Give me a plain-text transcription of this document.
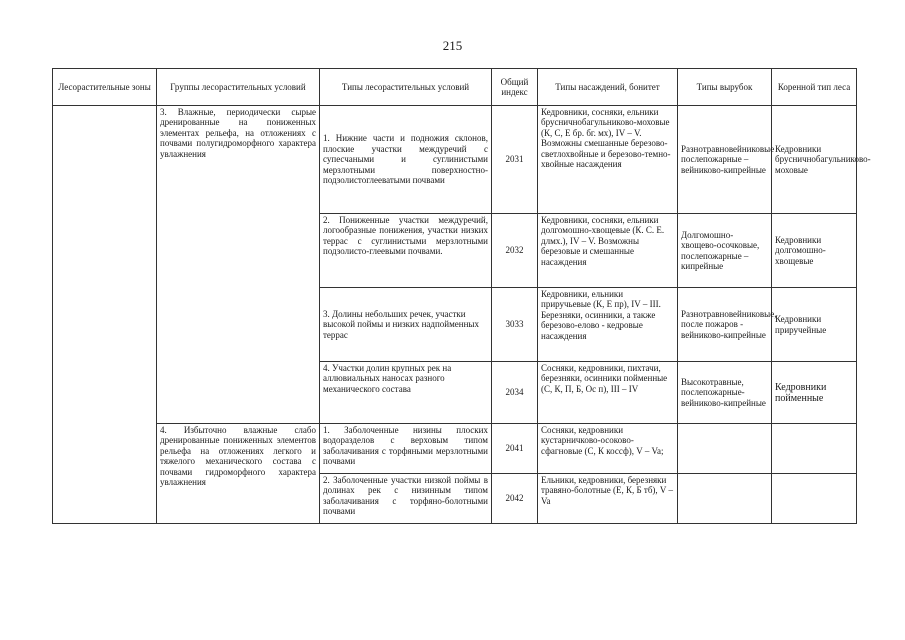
215
Лесорастительные зоны	Группы лесорастительных условий	Типы лесорастительных условий	Общий индекс	Типы насаждений, бонитет	Типы вырубок	Коренной тип леса
	3. Влажные, периодически сырые дренированные на пониженных элементах рельефа, на отложениях с почвами полугидроморфного характера увлажнения	1. Нижние части и подножия склонов, плоские участки междуречий с супесчаными и суглинистыми мерзлотными поверхностно-подзолистоглееватыми почвами	2031	Кедровники, сосняки, ельники брусничнобагульниково-моховые (К, С, Е бр. бг. мх), IV – V. Возможны смешанные березово-светлохвойные и березово-темно-хвойные насаждения	Разнотравновейниковые послепожарные – вейниково-кипрейные	Кедровники брусничнобагульниково-моховые
		2. Пониженные участки междуречий, логообразные понижения, участки низких террас с суглинистыми мерзлотными подзолисто-глеевыми почвами.	2032	Кедровники, сосняки, ельники долгомошно-хвощевые (К. С. Е. длмх.), IV – V. Возможны березовые и смешанные насаждения	Долгомошно-хвощево-осочковые, послепожарные – кипрейные	Кедровники долгомошно-хвощевые
		3. Долины небольших речек, участки высокой поймы и низких надпойменных террас	3033	Кедровники, ельники приручьевые (К, Е пр), IV – III. Березняки, осинники, а также березово-елово - кедровые насаждения	Разнотравновейниковые, после пожаров - вейниково-кипрейные	Кедровники приручейные
		4. Участки долин крупных рек на аллювиальных наносах разного механического состава	2034	Сосняки, кедровники, пихтачи, березняки, осинники пойменные (С, К, П, Б, Ос п), III – IV	Высокотравные, послепожарные-вейниково-кипрейные	Кедровники пойменные
	4. Избыточно влажные слабо дренированные пониженных элементов рельефа на отложениях легкого и тяжелого механического состава с почвами гидроморфного характера увлажнения	1. Заболоченные низины плоских водоразделов с верховым типом заболачивания с торфяными мерзлотными почвами	2041	Сосняки, кедровники кустарничково-осоково-сфагновые (С, К коссф), V – Va;		
		2. Заболоченные участки низкой поймы в долинах рек с низинным типом заболачивания с торфяно-болотными почвами	2042	Ельники, кедровники, березняки травяно-болотные (Е, К, Б тб), V – Va		
